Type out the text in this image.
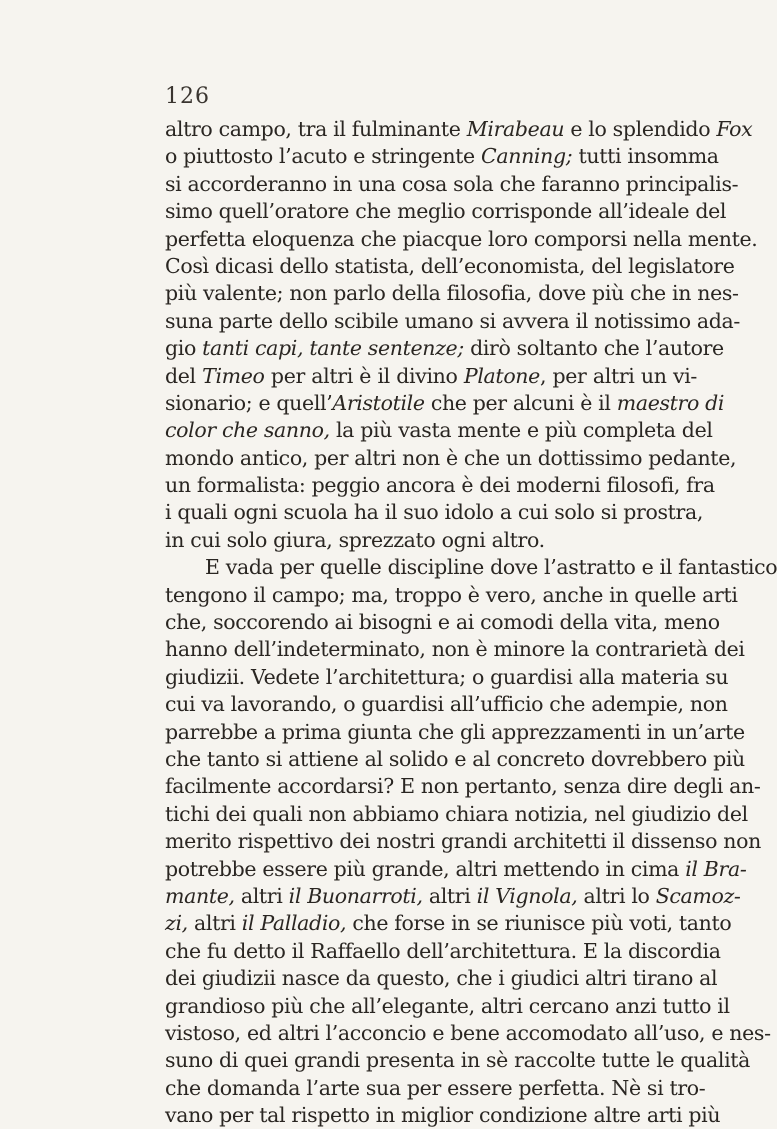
126
altro campo, tra il fulminante Mirabeau e lo splendido Fox
o piuttosto l’acuto e stringente Canning; tutti insomma
si accorderanno in una cosa sola che faranno principalis-
simo quell’oratore che meglio corrisponde all’ideale del
perfetta eloquenza che piacque loro comporsi nella mente.
Così dicasi dello statista, dell’economista, del legislatore
più valente; non parlo della filosofia, dove più che in nes-
suna parte dello scibile umano si avvera il notissimo ada-
gio tanti capi, tante sentenze; dirò soltanto che l’autore
del Timeo per altri è il divino Platone, per altri un vi-
sionario; e quell’Aristotile che per alcuni è il maestro di
color che sanno, la più vasta mente e più completa del
mondo antico, per altri non è che un dottissimo pedante,
un formalista: peggio ancora è dei moderni filosofi, fra
i quali ogni scuola ha il suo idolo a cui solo si prostra,
in cui solo giura, sprezzato ogni altro.
E vada per quelle discipline dove l’astratto e il fantastico
tengono il campo; ma, troppo è vero, anche in quelle arti
che, soccorendo ai bisogni e ai comodi della vita, meno
hanno dell’indeterminato, non è minore la contrarietà dei
giudizii. Vedete l’architettura; o guardisi alla materia su
cui va lavorando, o guardisi all’ufficio che adempie, non
parrebbe a prima giunta che gli apprezzamenti in un’arte
che tanto si attiene al solido e al concreto dovrebbero più
facilmente accordarsi? E non pertanto, senza dire degli an-
tichi dei quali non abbiamo chiara notizia, nel giudizio del
merito rispettivo dei nostri grandi architetti il dissenso non
potrebbe essere più grande, altri mettendo in cima il Bra-
mante, altri il Buonarroti, altri il Vignola, altri lo Scamoz-
zi, altri il Palladio, che forse in se riunisce più voti, tanto
che fu detto il Raffaello dell’architettura. E la discordia
dei giudizii nasce da questo, che i giudici altri tirano al
grandioso più che all’elegante, altri cercano anzi tutto il
vistoso, ed altri l’acconcio e bene accomodato all’uso, e nes-
suno di quei grandi presenta in sè raccolte tutte le qualità
che domanda l’arte sua per essere perfetta. Nè si tro-
vano per tal rispetto in miglior condizione altre arti più
